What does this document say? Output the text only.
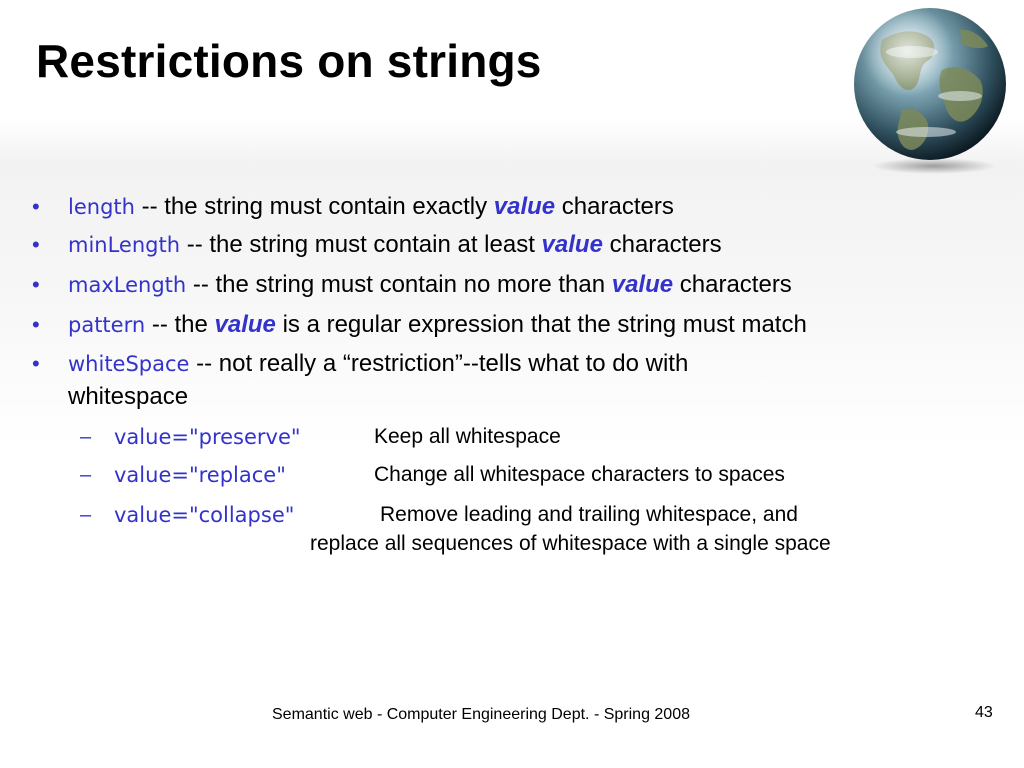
Restrictions on strings
•	length -- the string must contain exactly value characters
•	minLength -- the string must contain at least value characters
•	maxLength -- the string must contain no more than value characters
•	pattern -- the value is a regular expression that the string must match
•	whiteSpace -- not really a “restriction”--tells what to do with
whitespace
– value="preserve"	Keep all whitespace
– value="replace"	Change all whitespace characters to spaces
– value="collapse"	Remove leading and trailing whitespace, and
replace all sequences of whitespace with a single space
Semantic web - Computer Engineering Dept. - Spring 2008	43
